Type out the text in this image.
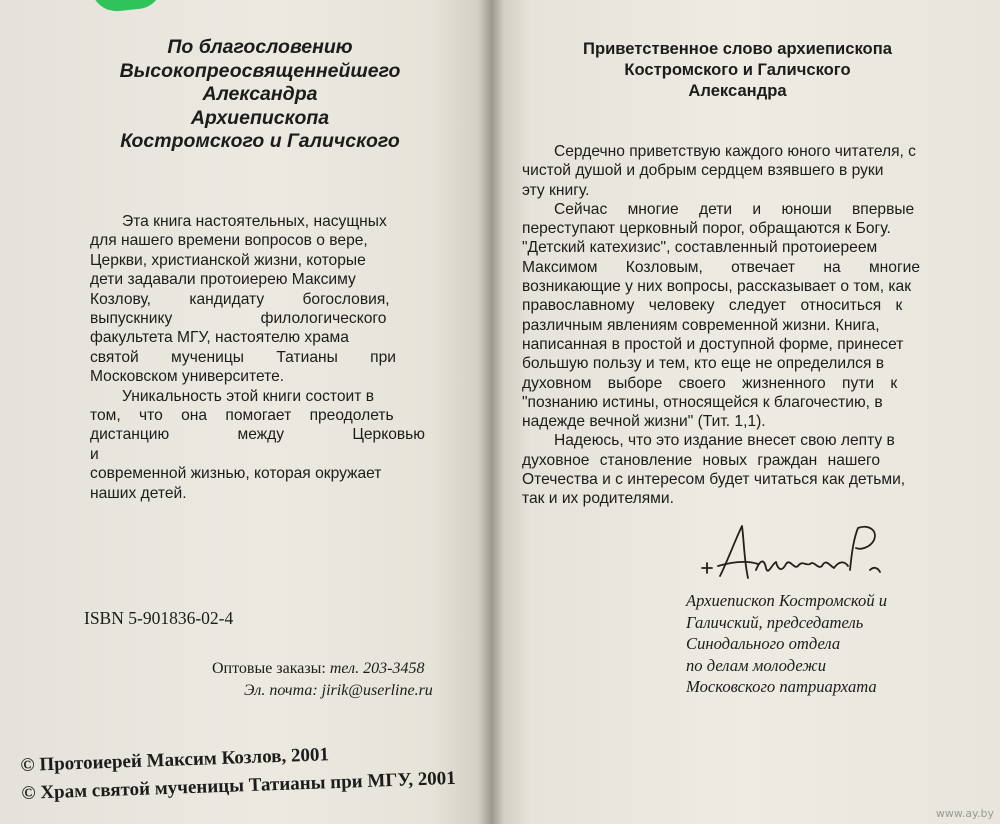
По благословению
Высокопреосвященнейшего
Александра
Архиепископа
Костромского и Галичского
Эта книга настоятельных, насущных
для нашего времени вопросов о вере,
Церкви, христианской жизни, которые
дети задавали протоиерею Максиму
Козлову, кандидату богословия,
выпускнику филологического
факультета МГУ, настоятелю храма
святой мученицы Татианы при
Московском университете.
Уникальность этой книги состоит в
том, что она помогает преодолеть
дистанцию между Церковью и
современной жизнью, которая окружает
наших детей.
ISBN 5-901836-02-4
Оптовые заказы: тел. 203-3458
Эл. почта: jirik@userline.ru
© Протоиерей Максим Козлов, 2001
© Храм святой мученицы Татианы при МГУ, 2001
Приветственное слово архиепископа
Костромского и Галичского
Александра
Сердечно приветствую каждого юного читателя, с
чистой душой и добрым сердцем взявшего в руки
эту книгу.
Сейчас многие дети и юноши впервые
переступают церковный порог, обращаются к Богу.
"Детский катехизис", составленный протоиереем
Максимом Козловым, отвечает на многие
возникающие у них вопросы, рассказывает о том, как
православному человеку следует относиться к
различным явлениям современной жизни. Книга,
написанная в простой и доступной форме, принесет
большую пользу и тем, кто еще не определился в
духовном выборе своего жизненного пути к
"познанию истины, относящейся к благочестию, в
надежде вечной жизни" (Тит. 1,1).
Надеюсь, что это издание внесет свою лепту в
духовное становление новых граждан нашего
Отечества и с интересом будет читаться как детьми,
так и их родителями.
Архиепископ Костромской и
Галичский, председатель
Синодального отдела
по делам молодежи
Московского патриархата
www.ay.by
